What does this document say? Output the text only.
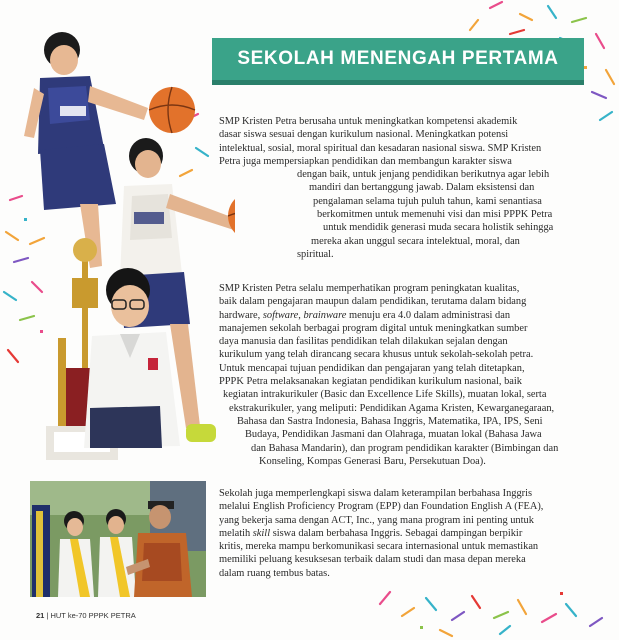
SEKOLAH MENENGAH PERTAMA
SMP Kristen Petra berusaha untuk meningkatkan kompetensi akademik
dasar siswa sesuai dengan kurikulum nasional. Meningkatkan potensi
intelektual, sosial, moral spiritual dan kesadaran nasional siswa. SMP Kristen
Petra juga mempersiapkan pendidikan dan membangun karakter siswa
dengan baik, untuk jenjang pendidikan berikutnya agar lebih
mandiri dan bertanggung jawab. Dalam eksistensi dan
pengalaman selama tujuh puluh tahun, kami senantiasa
berkomitmen untuk memenuhi visi dan misi PPPK Petra
untuk mendidik generasi muda secara holistik sehingga
mereka akan unggul secara intelektual, moral, dan
spiritual.
SMP Kristen Petra selalu memperhatikan program peningkatan kualitas,
baik dalam pengajaran maupun dalam pendidikan, terutama dalam bidang
hardware, software, brainware menuju era 4.0 dalam administrasi dan
manajemen sekolah berbagai program digital untuk meningkatkan sumber
daya manusia dan fasilitas pendidikan telah dilakukan sejalan dengan
kurikulum yang telah dirancang secara khusus untuk sekolah-sekolah petra.
Untuk mencapai tujuan pendidikan dan pengajaran yang telah ditetapkan,
PPPK Petra melaksanakan kegiatan pendidikan kurikulum nasional, baik
kegiatan intrakurikuler (Basic dan Excellence Life Skills), muatan lokal, serta
ekstrakurikuler, yang meliputi: Pendidikan Agama Kristen, Kewarganegaraan,
Bahasa dan Sastra Indonesia, Bahasa Inggris, Matematika, IPA, IPS, Seni
Budaya, Pendidikan Jasmani dan Olahraga, muatan lokal (Bahasa Jawa
dan Bahasa Mandarin), dan program pendidikan karakter (Bimbingan dan
Konseling, Kompas Generasi Baru, Persekutuan Doa).
Sekolah juga memperlengkapi siswa dalam keterampilan berbahasa Inggris
melalui English Proficiency Program (EPP) dan Foundation English A (FEA),
yang bekerja sama dengan ACT, Inc., yang mana program ini penting untuk
melatih skill siswa dalam berbahasa Inggris. Sebagai dampingan berpikir
kritis, mereka mampu berkomunikasi secara internasional untuk memastikan
memiliki peluang kesuksesan terbaik dalam studi dan masa depan mereka
dalam ruang tembus batas.
21 | HUT ke-70 PPPK PETRA
